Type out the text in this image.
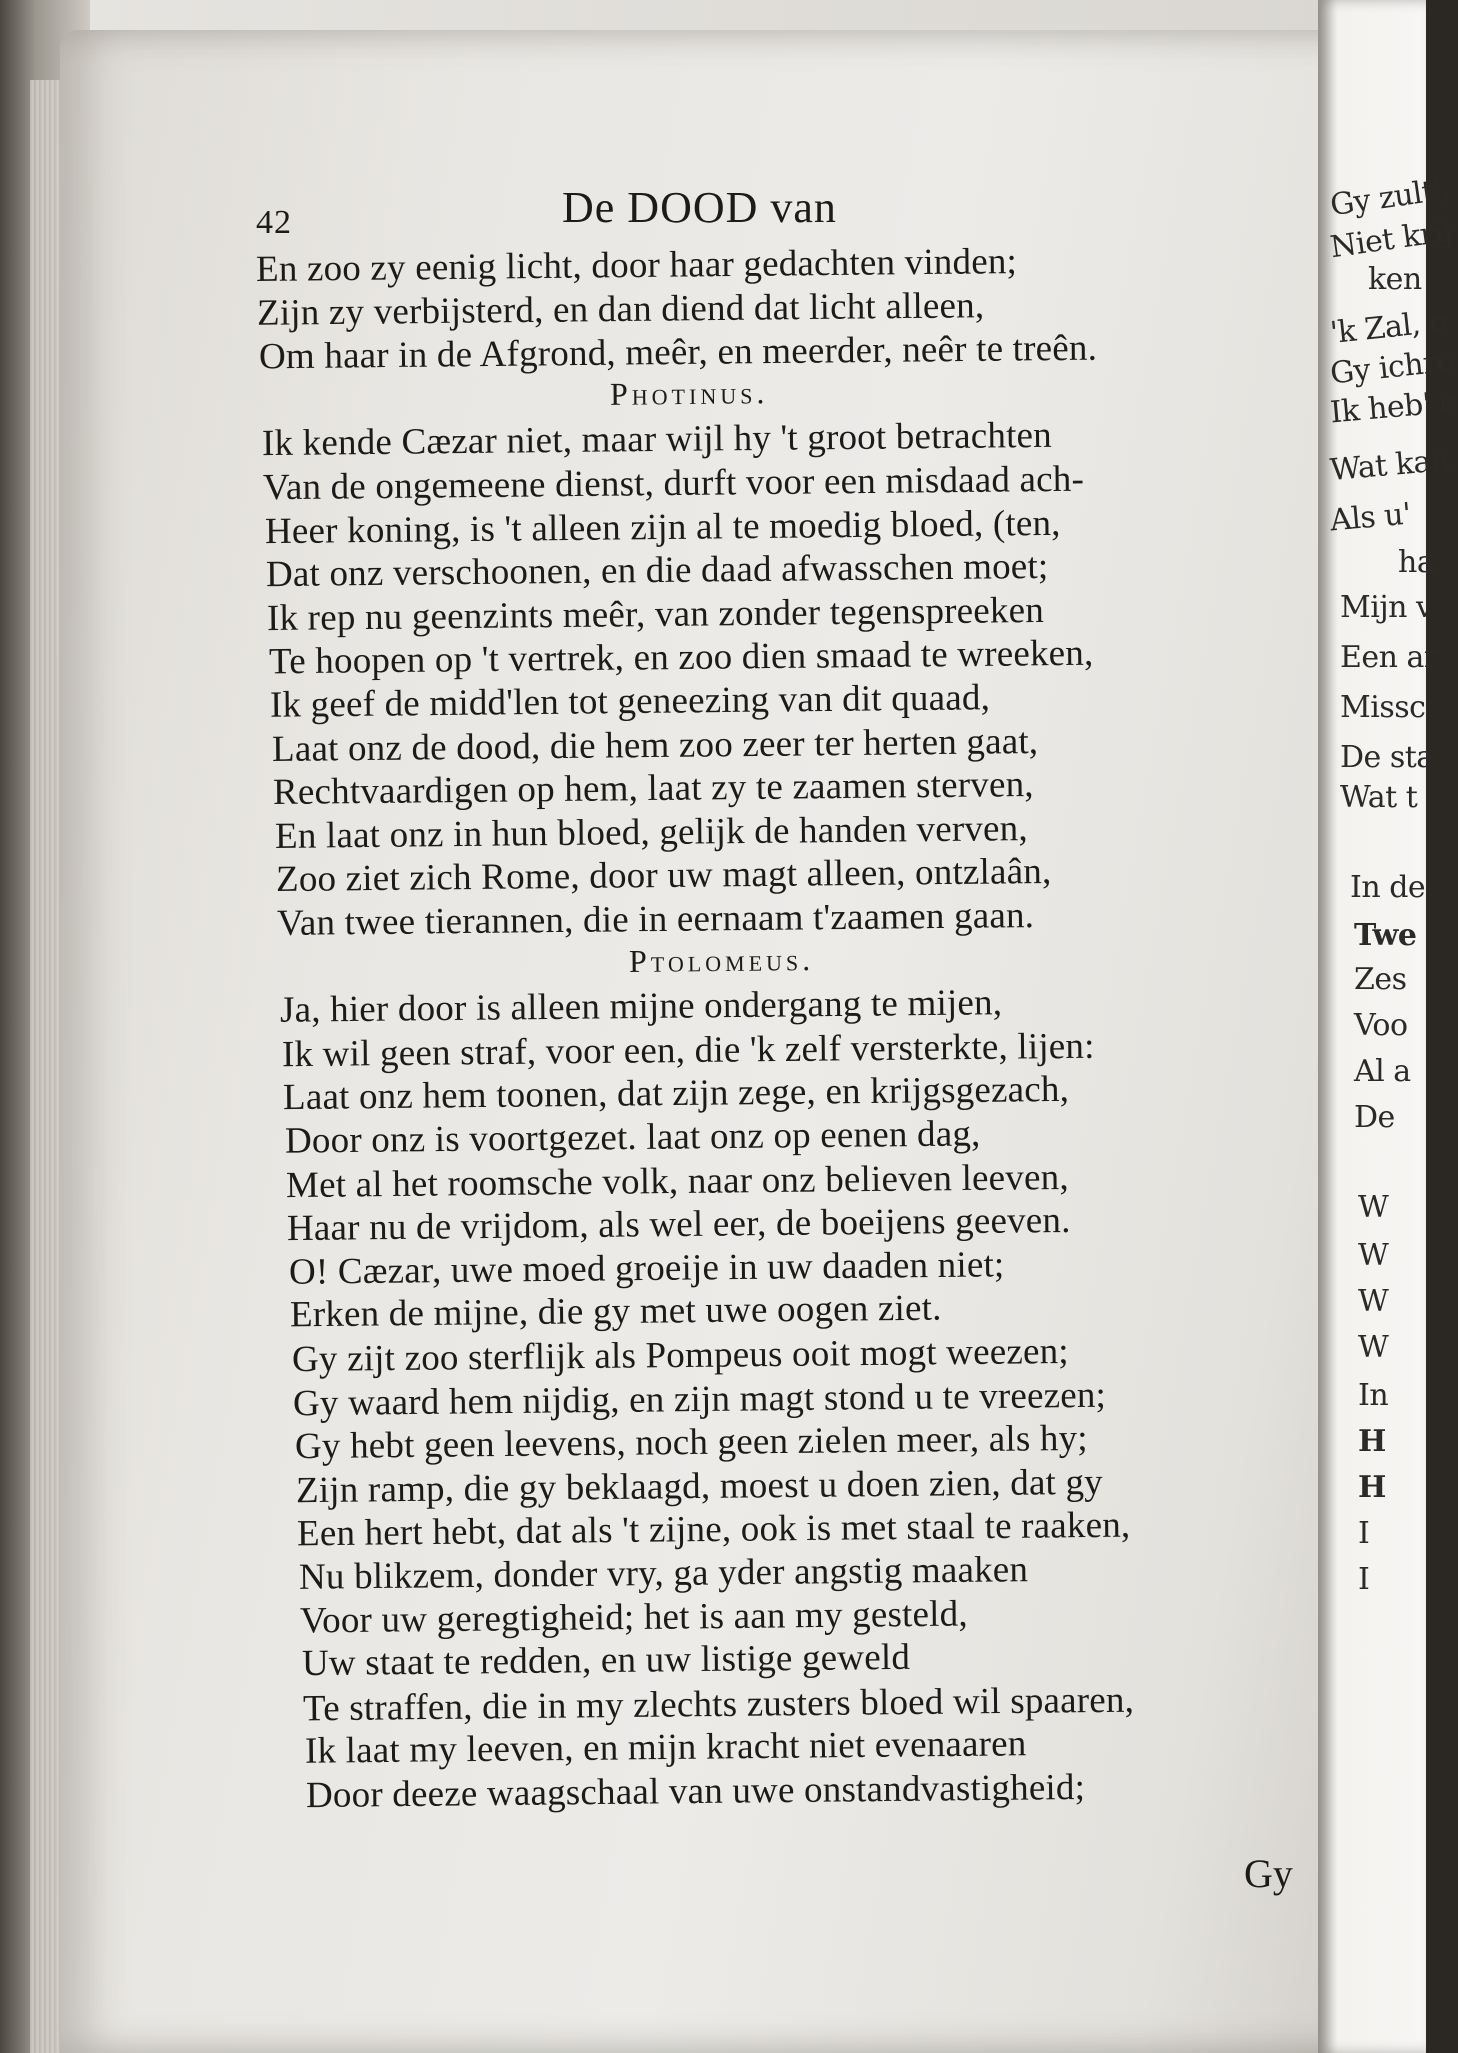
Gy zult',
Niet krij
ken
'k Zal, o
Gy ichre
Ik heb' e
Wat kan
Als u'
ha
Mijn v
Een ar
Missc
De sta
Wat t
In de
Twe
Zes
Voo
Al a
De
W
W
W
W
In
H
H
I
I
42	De DOOD van
En zoo zy eenig licht, door haar gedachten vinden;
Zijn zy verbijsterd, en dan diend dat licht alleen,
Om haar in de Afgrond, meêr, en meerder, neêr te treên.
Photinus.
Ik kende Cæzar niet, maar wijl hy 't groot betrachten
Van de ongemeene dienst, durft voor een misdaad ach-
Heer koning, is 't alleen zijn al te moedig bloed, (ten,
Dat onz verschoonen, en die daad afwasschen moet;
Ik rep nu geenzints meêr, van zonder tegenspreeken
Te hoopen op 't vertrek, en zoo dien smaad te wreeken,
Ik geef de midd'len tot geneezing van dit quaad,
Laat onz de dood, die hem zoo zeer ter herten gaat,
Rechtvaardigen op hem, laat zy te zaamen sterven,
En laat onz in hun bloed, gelijk de handen verven,
Zoo ziet zich Rome, door uw magt alleen, ontzlaân,
Van twee tierannen, die in eernaam t'zaamen gaan.
Ptolomeus.
Ja, hier door is alleen mijne ondergang te mijen,
Ik wil geen straf, voor een, die 'k zelf versterkte, lijen:
Laat onz hem toonen, dat zijn zege, en krijgsgezach,
Door onz is voortgezet. laat onz op eenen dag,
Met al het roomsche volk, naar onz believen leeven,
Haar nu de vrijdom, als wel eer, de boeijens geeven.
O! Cæzar, uwe moed groeije in uw daaden niet;
Erken de mijne, die gy met uwe oogen ziet.
Gy zijt zoo sterflijk als Pompeus ooit mogt weezen;
Gy waard hem nijdig, en zijn magt stond u te vreezen;
Gy hebt geen leevens, noch geen zielen meer, als hy;
Zijn ramp, die gy beklaagd, moest u doen zien, dat gy
Een hert hebt, dat als 't zijne, ook is met staal te raaken,
Nu blikzem, donder vry, ga yder angstig maaken
Voor uw geregtigheid; het is aan my gesteld,
Uw staat te redden, en uw listige geweld
Te straffen, die in my zlechts zusters bloed wil spaaren,
Ik laat my leeven, en mijn kracht niet evenaaren
Door deeze waagschaal van uwe onstandvastigheid;
Gy
